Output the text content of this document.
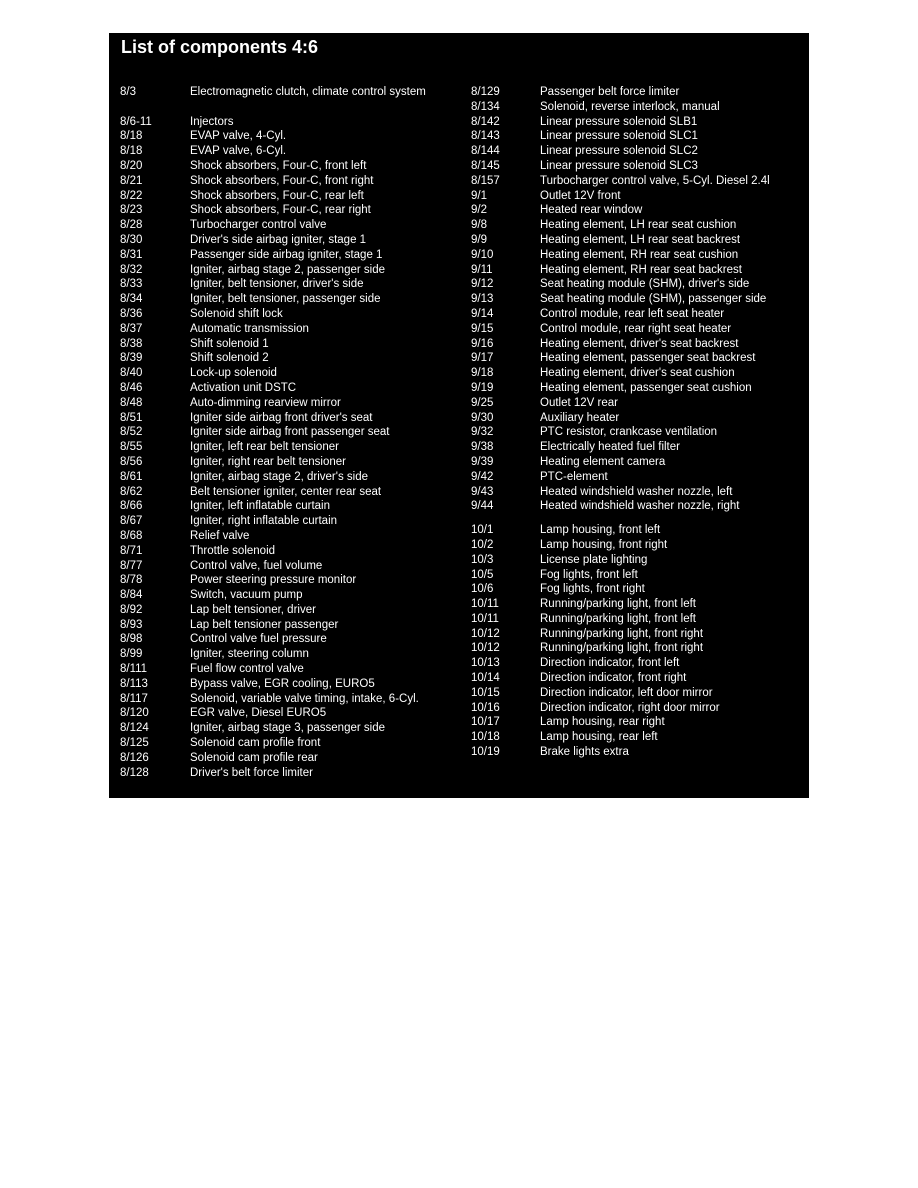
List of components 4:6
8/3	Electromagnetic clutch, climate control system
8/6-11	Injectors
8/18	EVAP valve, 4-Cyl.
8/18	EVAP valve, 6-Cyl.
8/20	Shock absorbers, Four-C, front left
8/21	Shock absorbers, Four-C, front right
8/22	Shock absorbers, Four-C, rear left
8/23	Shock absorbers, Four-C, rear right
8/28	Turbocharger control valve
8/30	Driver's side airbag igniter, stage 1
8/31	Passenger side airbag igniter, stage 1
8/32	Igniter, airbag stage 2, passenger side
8/33	Igniter, belt tensioner, driver's side
8/34	Igniter, belt tensioner, passenger side
8/36	Solenoid shift lock
8/37	Automatic transmission
8/38	Shift solenoid 1
8/39	Shift solenoid 2
8/40	Lock-up solenoid
8/46	Activation unit DSTC
8/48	Auto-dimming rearview mirror
8/51	Igniter side airbag front driver's seat
8/52	Igniter side airbag front passenger seat
8/55	Igniter, left rear belt tensioner
8/56	Igniter, right rear belt tensioner
8/61	Igniter, airbag stage 2, driver's side
8/62	Belt tensioner igniter, center rear seat
8/66	Igniter, left inflatable curtain
8/67	Igniter, right inflatable curtain
8/68	Relief valve
8/71	Throttle solenoid
8/77	Control valve, fuel volume
8/78	Power steering pressure monitor
8/84	Switch, vacuum pump
8/92	Lap belt tensioner, driver
8/93	Lap belt tensioner passenger
8/98	Control valve fuel pressure
8/99	Igniter, steering column
8/111	Fuel flow control valve
8/113	Bypass valve, EGR cooling, EURO5
8/117	Solenoid, variable valve timing, intake, 6-Cyl.
8/120	EGR valve, Diesel EURO5
8/124	Igniter, airbag stage 3, passenger side
8/125	Solenoid cam profile front
8/126	Solenoid cam profile rear
8/128	Driver's belt force limiter
8/129	Passenger belt force limiter
8/134	Solenoid, reverse interlock, manual
8/142	Linear pressure solenoid SLB1
8/143	Linear pressure solenoid SLC1
8/144	Linear pressure solenoid SLC2
8/145	Linear pressure solenoid SLC3
8/157	Turbocharger control valve, 5-Cyl. Diesel 2.4l
9/1	Outlet 12V front
9/2	Heated rear window
9/8	Heating element, LH rear seat cushion
9/9	Heating element, LH rear seat backrest
9/10	Heating element, RH rear seat cushion
9/11	Heating element, RH rear seat backrest
9/12	Seat heating module (SHM), driver's side
9/13	Seat heating module (SHM), passenger side
9/14	Control module, rear left seat heater
9/15	Control module, rear right seat heater
9/16	Heating element, driver's seat backrest
9/17	Heating element, passenger seat backrest
9/18	Heating element, driver's seat cushion
9/19	Heating element, passenger seat cushion
9/25	Outlet 12V rear
9/30	Auxiliary heater
9/32	PTC resistor, crankcase ventilation
9/38	Electrically heated fuel filter
9/39	Heating element camera
9/42	PTC-element
9/43	Heated windshield washer nozzle, left
9/44	Heated windshield washer nozzle, right
10/1	Lamp housing, front left
10/2	Lamp housing, front right
10/3	License plate lighting
10/5	Fog lights, front left
10/6	Fog lights, front right
10/11	Running/parking light, front left
10/11	Running/parking light, front left
10/12	Running/parking light, front right
10/12	Running/parking light, front right
10/13	Direction indicator, front left
10/14	Direction indicator, front right
10/15	Direction indicator, left door mirror
10/16	Direction indicator, right door mirror
10/17	Lamp housing, rear right
10/18	Lamp housing, rear left
10/19	Brake lights extra
